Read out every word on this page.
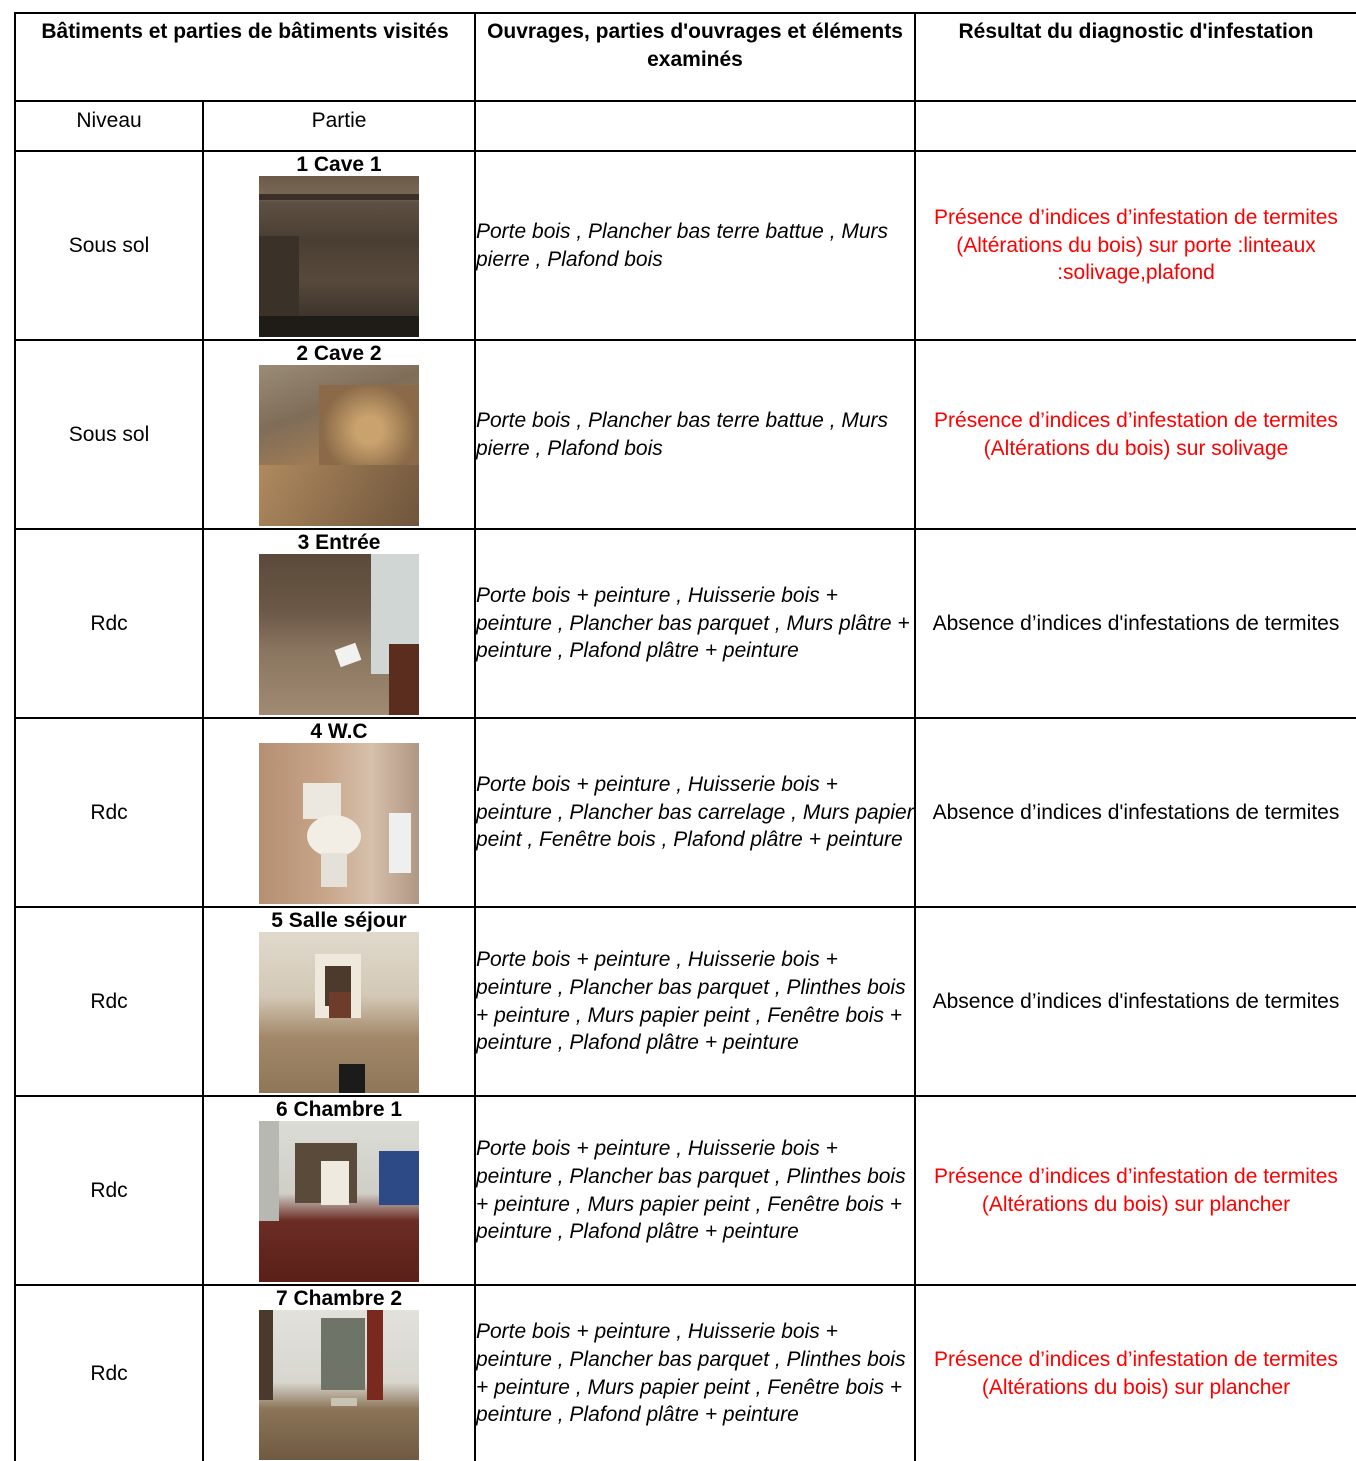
Bâtiments et parties de bâtiments visités		Ouvrages, parties d'ouvrages et éléments examinés	Résultat du diagnostic d'infestation
Niveau	Partie		
Sous sol	1 Cave 1	Porte bois , Plancher bas terre battue , Murs pierre , Plafond bois	Présence d’indices d’infestation de termites (Altérations du bois) sur porte :linteaux :solivage,plafond
Sous sol	2 Cave 2	Porte bois , Plancher bas terre battue , Murs pierre , Plafond bois	Présence d’indices d’infestation de termites (Altérations du bois) sur solivage
Rdc	3 Entrée	Porte bois + peinture , Huisserie bois + peinture , Plancher bas parquet , Murs plâtre + peinture , Plafond plâtre + peinture	Absence d’indices d'infestations de termites
Rdc	4 W.C	Porte bois + peinture , Huisserie bois + peinture , Plancher bas carrelage , Murs papier peint , Fenêtre bois , Plafond plâtre + peinture	Absence d’indices d'infestations de termites
Rdc	5 Salle séjour	Porte bois + peinture , Huisserie bois + peinture , Plancher bas parquet , Plinthes bois + peinture , Murs papier peint , Fenêtre bois + peinture , Plafond plâtre + peinture	Absence d’indices d'infestations de termites
Rdc	6 Chambre 1	Porte bois + peinture , Huisserie bois + peinture , Plancher bas parquet , Plinthes bois + peinture , Murs papier peint , Fenêtre bois + peinture , Plafond plâtre + peinture	Présence d’indices d’infestation de termites (Altérations du bois) sur plancher
Rdc	7 Chambre 2	Porte bois + peinture , Huisserie bois + peinture , Plancher bas parquet , Plinthes bois + peinture , Murs papier peint , Fenêtre bois + peinture , Plafond plâtre + peinture	Présence d’indices d’infestation de termites (Altérations du bois) sur plancher
